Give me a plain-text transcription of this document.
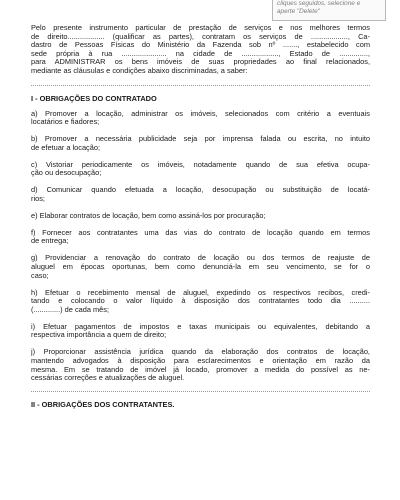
cliques seguidos, selecione e
aperte "Delete"
Pelo presente instrumento particular de prestação de serviços e nos melhores termos
de direito.................. (qualificar as partes), contratam os serviços de .................., Ca-
dastro de Pessoas Físicas do Ministério da Fazenda sob nº ......., estabelecido com
sede própria à rua ...................... na cidade de .................., Estado de ..............,
para ADMINISTRAR os bens imóveis de suas propriedades ao final relacionados,
mediante as cláusulas e condições abaixo discriminadas, a saber:
I - OBRIGAÇÕES DO CONTRATADO
a) Promover a locação, administrar os imóveis, selecionados com critério a eventuais
locatários e fiadores;
b) Promover a necessária publicidade seja por imprensa falada ou escrita, no intuito
de efetuar a locação;
c) Vistoriar periodicamente os imóveis, notadamente quando de sua efetiva ocupa-
ção ou desocupação;
d) Comunicar quando efetuada a locação, desocupação ou substituição de locatá-
rios;
e) Elaborar contratos de locação, bem como assiná-los por procuração;
f) Fornecer aos contratantes uma das vias do contrato de locação quando em termos
de entrega;
g) Providenciar a renovação do contrato de locação ou dos termos de reajuste de
aluguel em épocas oportunas, bem como denunciá-la em seu vencimento, se for o
caso;
h) Efetuar o recebimento mensal de aluguel, expedindo os respectivos recibos, credi-
tando e colocando o valor líquido à disposição dos contratantes todo dia ..........
(.............) de cada mês;
i) Efetuar pagamentos de impostos e taxas municipais ou equivalentes, debitando a
respectiva importância a quem de direito;
j) Proporcionar assistência jurídica quando da elaboração dos contratos de locação,
mantendo advogados à disposição para esclarecimentos e orientação em razão da
mesma. Em se tratando de imóvel já locado, promover a medida do possível as ne-
cessárias correções e atualizações de aluguel.
II - OBRIGAÇÕES DOS CONTRATANTES.
